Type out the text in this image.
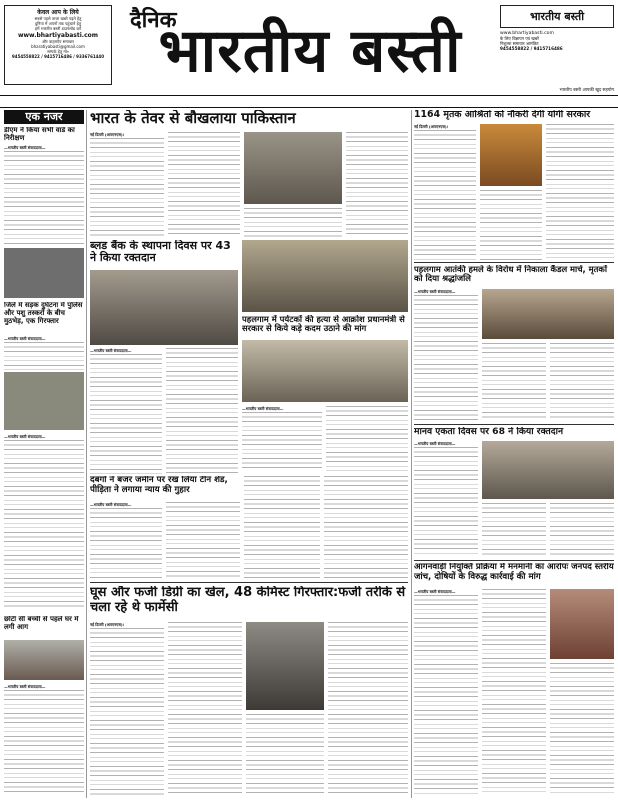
केवल आप के लिये
सबसे पहले ताजा खबरे पढ़ने हेतु
दुनिया में अपनों तक पहुंचाने हेतु
हमें भारतीय बस्ती डाउनलोड करें
www.bhartiyabasti.com
और वाट्सऐप समाचार
bharatiyabasti@gmail.com
सम्पर्क हेतु मो०
9454558822 / 9415716486 / 9336761440
दैनिक
भारतीय बस्ती	भारतीय बस्ती
www.bhartiyabasti.com
के लिए विज्ञापन एवं खबरें
निशुल्क समाचार आमंत्रित
9454558822 / 9415716486
भारतीय बस्ती आपकी खुद सहयोग
एक नजर
डीएम ने किया सभी वार्ड का निरीक्षण
—भारतीय बस्ती संवाददाता—
जिले में सड़क दुर्घटना में पुलिस और पशु तस्करों के बीच मुठभेड़, एक गिरफ्तार
—भारतीय बस्ती संवाददाता—
—भारतीय बस्ती संवाददाता—
छोटी सी बच्ची से पहले घर में लगी आग
—भारतीय बस्ती संवाददाता—
भारत के तेवर से बौखलाया पाकिस्तान
नई दिल्ली (आरएनएस)।
ब्लड बैंक के स्थापना दिवस पर 43 ने किया रक्तदान
—भारतीय बस्ती संवाददाता—
पहलगाम में पर्यटकों की हत्या से आक्रोश प्रधानमंत्री से सरकार से किये कड़े कदम उठाने की मांग
—भारतीय बस्ती संवाददाता—
दबंगों ने बंजर जमीन पर रख लिया टीन शेड, पीड़िता ने लगाया न्याय की गुहार
—भारतीय बस्ती संवाददाता—
घूस और फर्जी डिग्री का खेल, 48 केमिस्ट गिरफ्तार:फर्जी तरीके से चला रहे थे फार्मेसी
नई दिल्ली (आरएनएस)।
1164 मृतक आश्रितों को नौकरी देंगी योगी सरकार
नई दिल्ली (आरएनएस)।
पहलगाम आतंकी हमले के विरोध में निकाला कैंडल मार्च, मृतकों को दिया श्रद्धांजलि
—भारतीय बस्ती संवाददाता—
मानव एकता दिवस पर 68 ने किया रक्तदान
—भारतीय बस्ती संवाददाता—
आंगनवाड़ी नियुक्ति प्रक्रिया में मनमानी का आरोपः जनपद स्तरीय जांच, दोषियों के विरुद्ध कार्रवाई की मांग
—भारतीय बस्ती संवाददाता—
